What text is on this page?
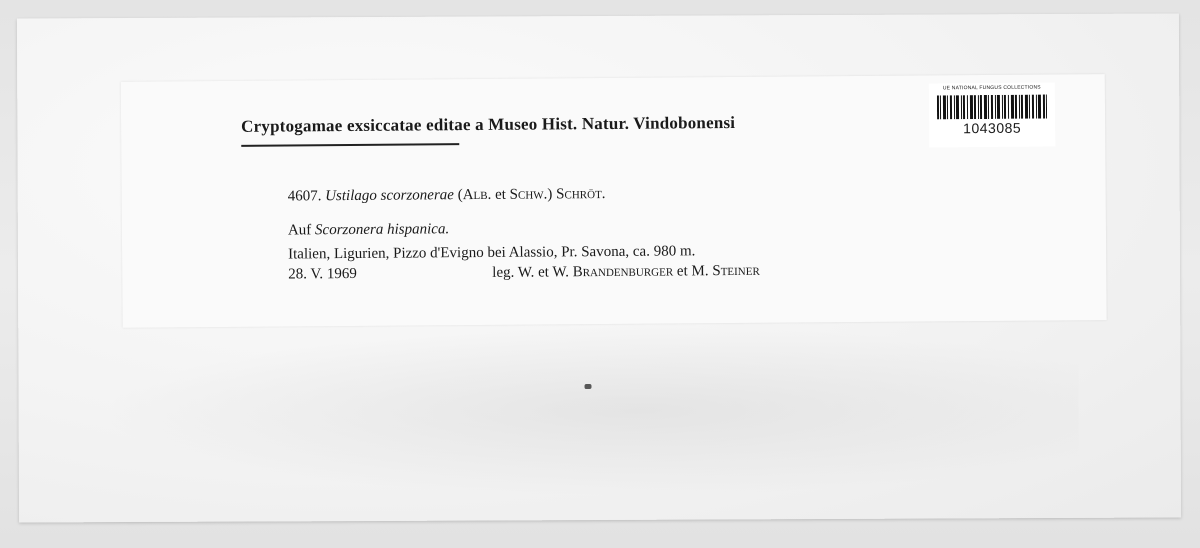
Cryptogamae exsiccatae editae a Museo Hist. Natur. Vindobonensi
UE NATIONAL FUNGUS COLLECTIONS
1043085
4607. Ustilago scorzonerae (Alb. et Schw.) Schröt.
Auf Scorzonera hispanica.
Italien, Ligurien, Pizzo d'Evigno bei Alassio, Pr. Savona, ca. 980 m.
28. V. 1969	leg. W. et W. Brandenburger et M. Steiner
